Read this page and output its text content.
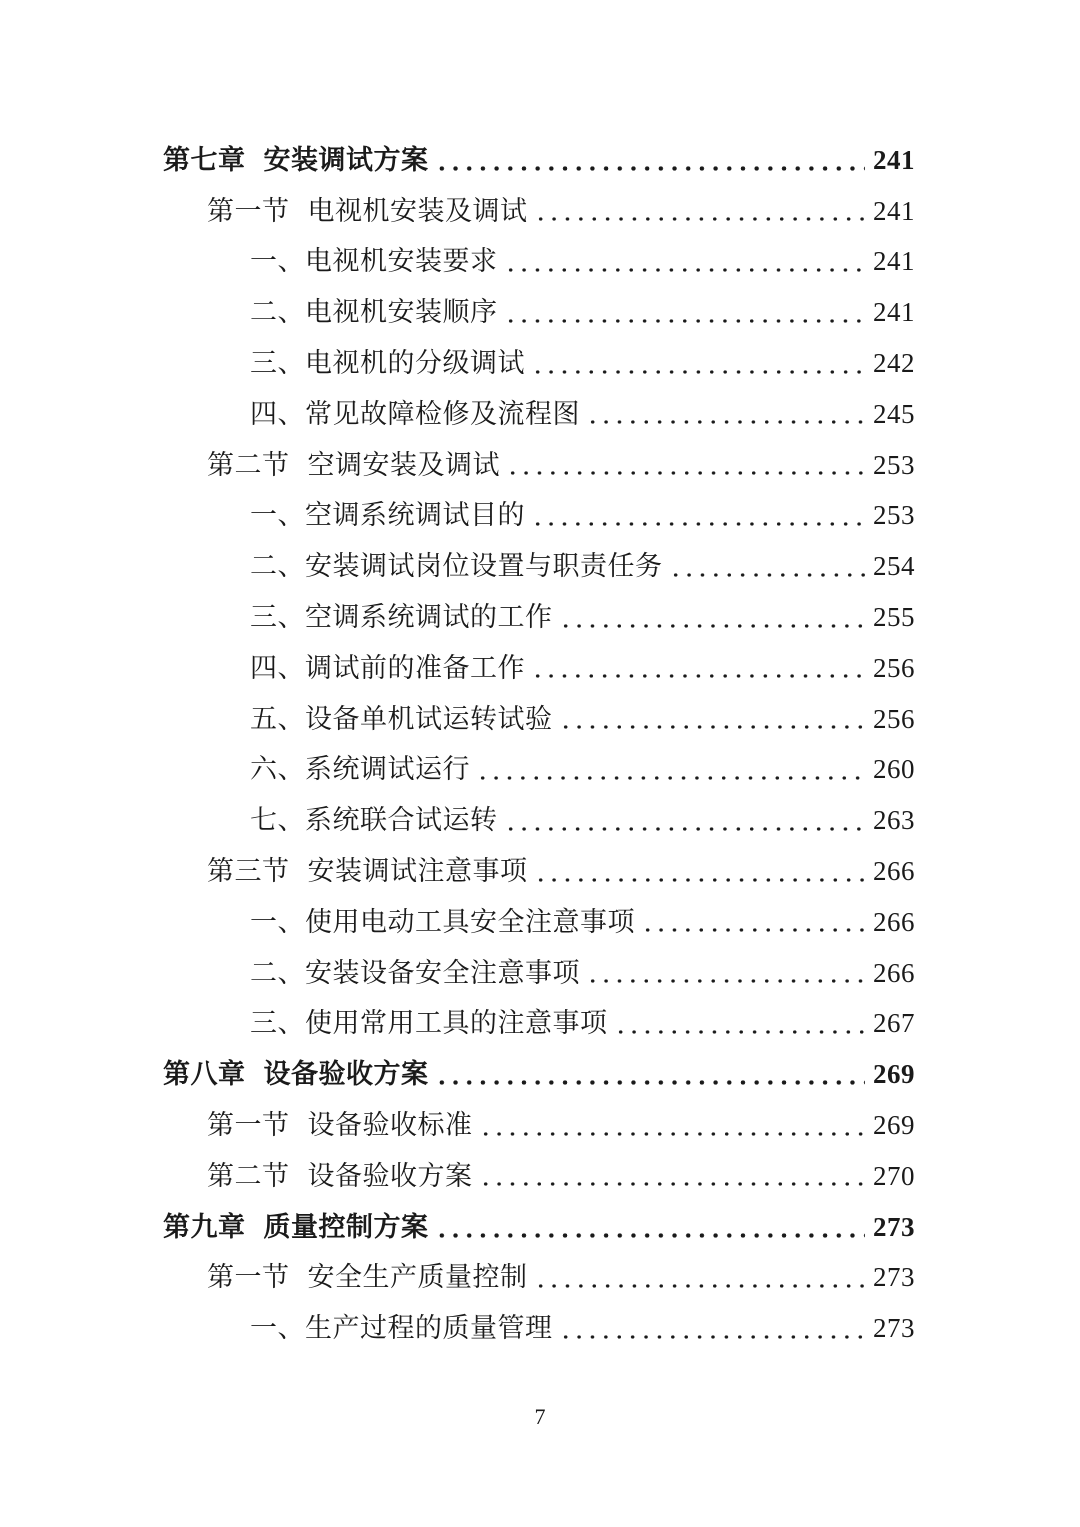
第七章 安装调试方案	241
第一节 电视机安装及调试	241
一、 电视机安装要求	241
二、 电视机安装顺序	241
三、 电视机的分级调试	242
四、 常见故障检修及流程图	245
第二节 空调安装及调试	253
一、 空调系统调试目的	253
二、 安装调试岗位设置与职责任务	254
三、 空调系统调试的工作	255
四、 调试前的准备工作	256
五、 设备单机试运转试验	256
六、 系统调试运行	260
七、 系统联合试运转	263
第三节 安装调试注意事项	266
一、 使用电动工具安全注意事项	266
二、 安装设备安全注意事项	266
三、 使用常用工具的注意事项	267
第八章 设备验收方案	269
第一节 设备验收标准	269
第二节 设备验收方案	270
第九章 质量控制方案	273
第一节 安全生产质量控制	273
一、 生产过程的质量管理	273
7
